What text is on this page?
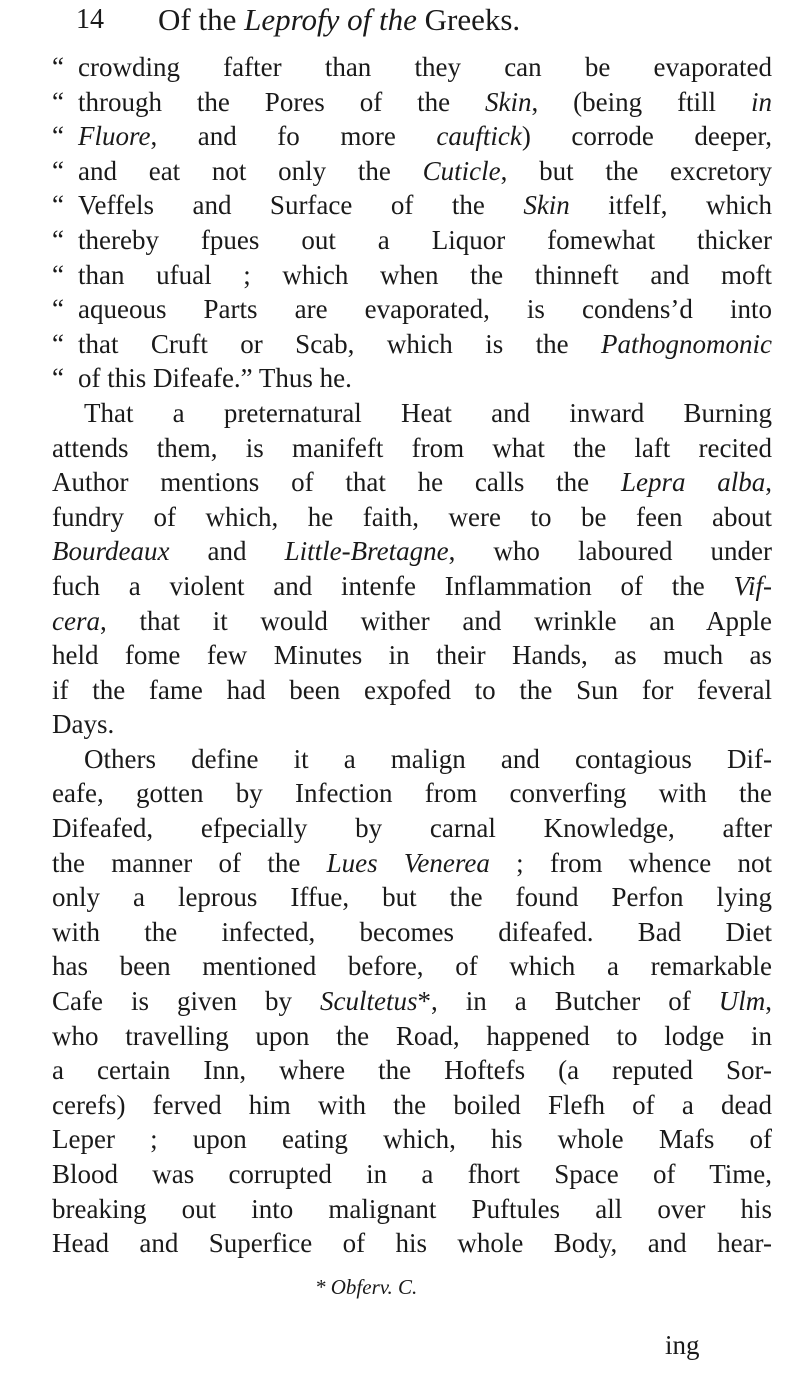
14 Of the Leprofy of the Greeks.
“ crowding fafter than they can be evaporated
“ through the Pores of the Skin, (being ftill in
“ Fluore, and fo more cauftick) corrode deeper,
“ and eat not only the Cuticle, but the excretory
“ Veffels and Surface of the Skin itfelf, which
“ thereby fpues out a Liquor fomewhat thicker
“ than ufual ; which when the thinneft and moft
“ aqueous Parts are evaporated, is condens’d into
“ that Cruft or Scab, which is the Pathognomonic
“ of this Difeafe.” Thus he.
That a preternatural Heat and inward Burning
attends them, is manifeft from what the laft recited
Author mentions of that he calls the Lepra alba,
fundry of which, he faith, were to be feen about
Bourdeaux and Little-Bretagne, who laboured under
fuch a violent and intenfe Inflammation of the Vif-
cera, that it would wither and wrinkle an Apple
held fome few Minutes in their Hands, as much as
if the fame had been expofed to the Sun for feveral
Days.
Others define it a malign and contagious Dif-
eafe, gotten by Infection from converfing with the
Difeafed, efpecially by carnal Knowledge, after
the manner of the Lues Venerea ; from whence not
only a leprous Iffue, but the found Perfon lying
with the infected, becomes difeafed. Bad Diet
has been mentioned before, of which a remarkable
Cafe is given by Scultetus*, in a Butcher of Ulm,
who travelling upon the Road, happened to lodge in
a certain Inn, where the Hoftefs (a reputed Sor-
cerefs) ferved him with the boiled Flefh of a dead
Leper ; upon eating which, his whole Mafs of
Blood was corrupted in a fhort Space of Time,
breaking out into malignant Puftules all over his
Head and Superfice of his whole Body, and hear-
* Obferv. C.
ing
